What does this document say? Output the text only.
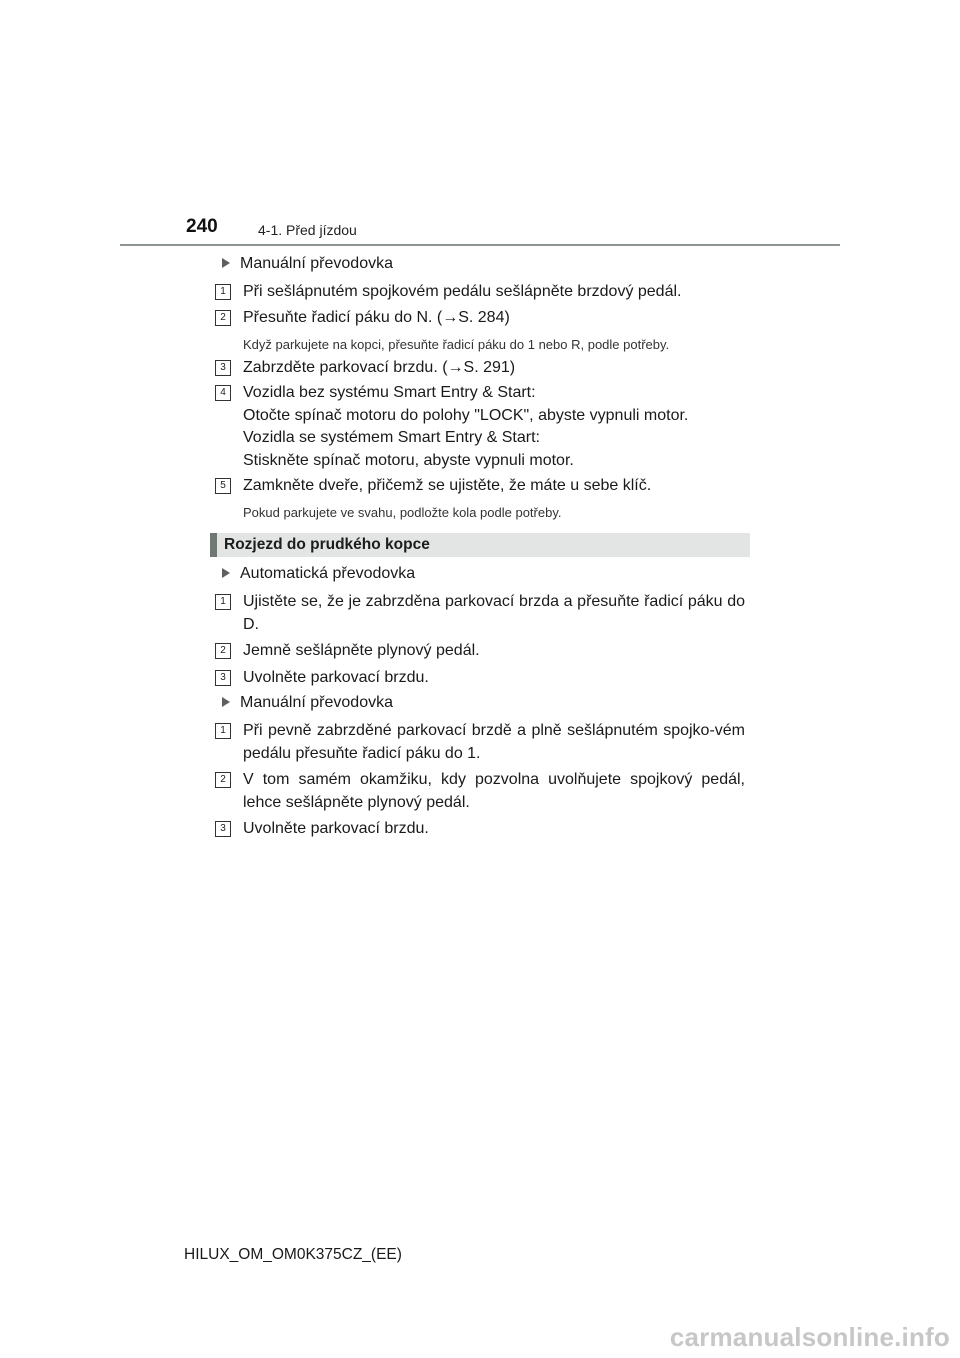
240	4-1. Před jízdou
Manuální převodovka
1	Při sešlápnutém spojkovém pedálu sešlápněte brzdový pedál.
2	Přesuňte řadicí páku do N. (→S. 284)
Když parkujete na kopci, přesuňte řadicí páku do 1 nebo R, podle potřeby.
3	Zabrzděte parkovací brzdu. (→S. 291)
4	Vozidla bez systému Smart Entry & Start:
Otočte spínač motoru do polohy "LOCK", abyste vypnuli motor.
Vozidla se systémem Smart Entry & Start:
Stiskněte spínač motoru, abyste vypnuli motor.
5	Zamkněte dveře, přičemž se ujistěte, že máte u sebe klíč.
Pokud parkujete ve svahu, podložte kola podle potřeby.
Rozjezd do prudkého kopce
Automatická převodovka
1	Ujistěte se, že je zabrzděna parkovací brzda a přesuňte řadicí páku do D.
2	Jemně sešlápněte plynový pedál.
3	Uvolněte parkovací brzdu.
Manuální převodovka
1	Při pevně zabrzděné parkovací brzdě a plně sešlápnutém spojko-vém pedálu přesuňte řadicí páku do 1.
2	V tom samém okamžiku, kdy pozvolna uvolňujete spojkový pedál, lehce sešlápněte plynový pedál.
3	Uvolněte parkovací brzdu.
HILUX_OM_OM0K375CZ_(EE)
carmanualsonline.info
